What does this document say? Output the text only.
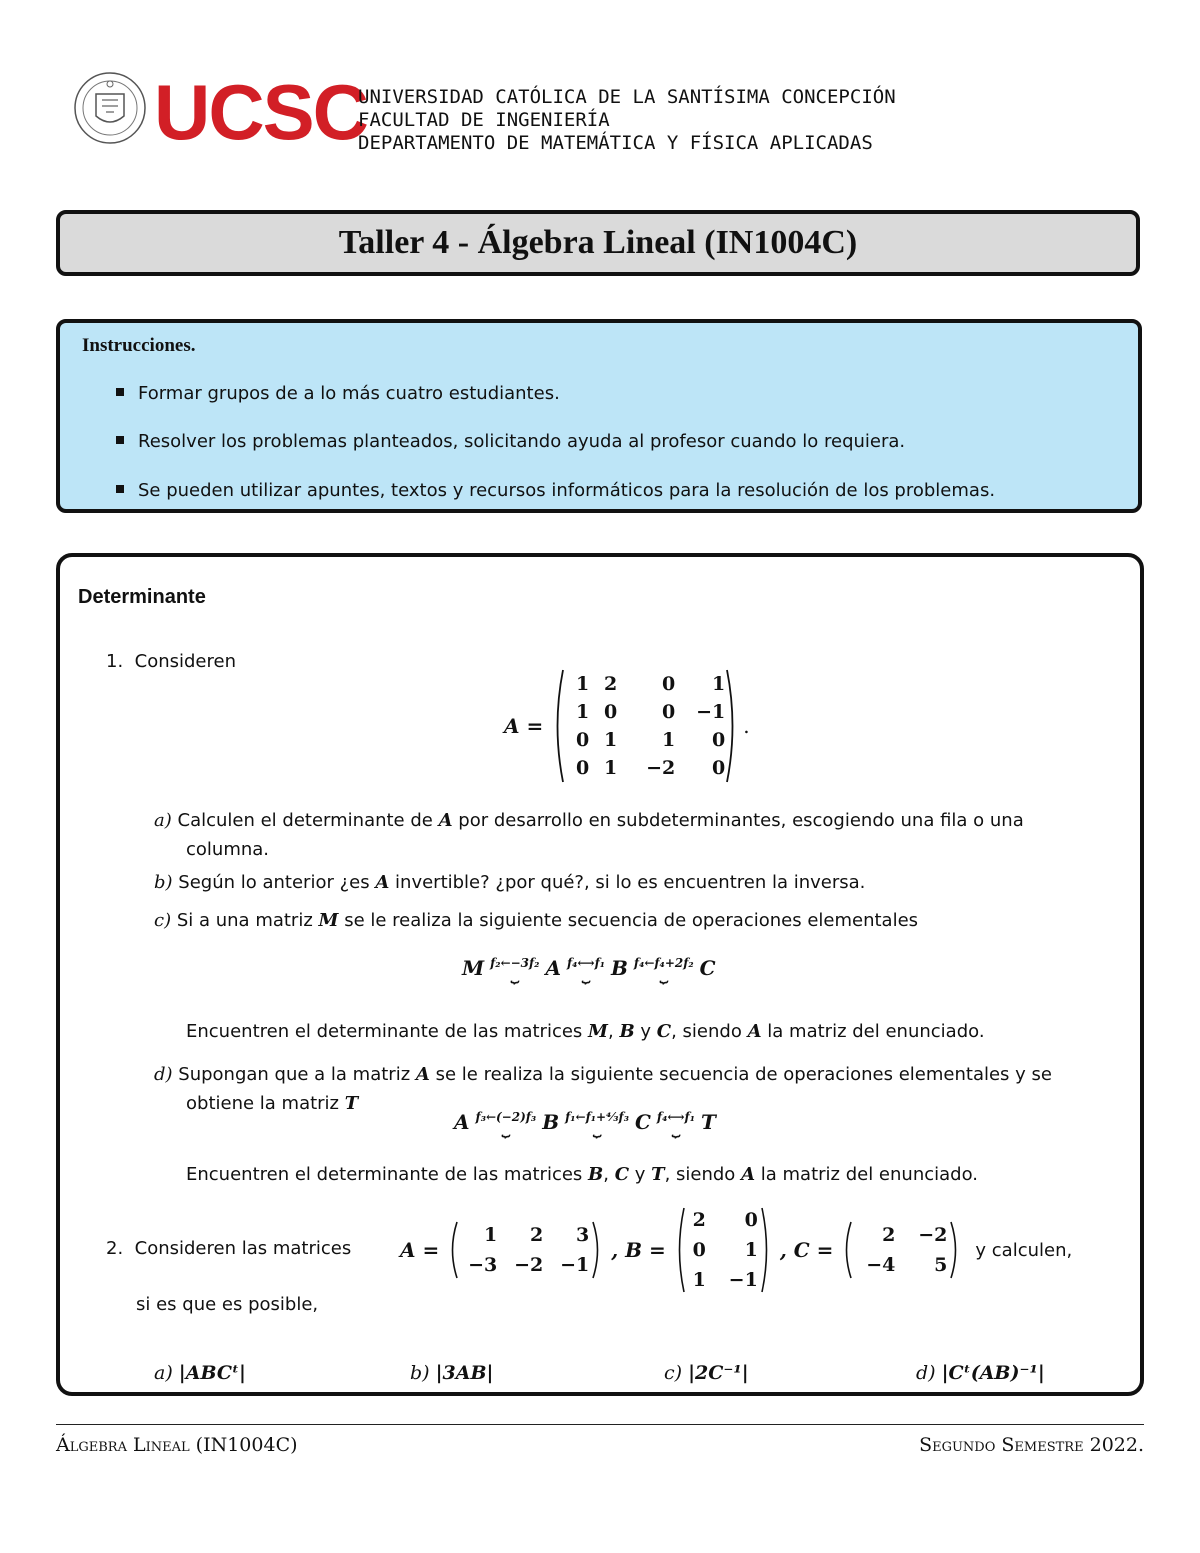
UCSC
UNIVERSIDAD CATÓLICA DE LA SANTÍSIMA CONCEPCIÓN
FACULTAD DE INGENIERÍA
DEPARTAMENTO DE MATEMÁTICA Y FÍSICA APLICADAS
Taller 4 - Álgebra Lineal (IN1004C)
Instrucciones.
Formar grupos de a lo más cuatro estudiantes.
Resolver los problemas planteados, solicitando ayuda al profesor cuando lo requiera.
Se pueden utilizar apuntes, textos y recursos informáticos para la resolución de los problemas.
Determinante
1. Consideren
A =
1	2	0	1
1	0	0	−1
0	1	1	0
0	1	−2	0
.
a) Calculen el determinante de A por desarrollo en subdeterminantes, escogiendo una fila o una
columna.
b) Según lo anterior ¿es A invertible? ¿por qué?, si lo es encuentren la inversa.
c) Si a una matriz M se le realiza la siguiente secuencia de operaciones elementales
M f₂←−3f₂
⏟	A f₄⟷f₁
⏟	B f₄←f₄+2f₂
⏟	C
Encuentren el determinante de las matrices M, B y C, siendo A la matriz del enunciado.
d) Supongan que a la matriz A se le realiza la siguiente secuencia de operaciones elementales y se
obtiene la matriz T
A f₃←(−2)f₃
⏟	B f₁←f₁+⁴⁄₃f₃
⏟	C f₄⟷f₁
⏟	T
Encuentren el determinante de las matrices B, C y T, siendo A la matriz del enunciado.
2. Consideren las matrices A =
1	2	3
−3	−2	−1
, B =
2	0
0	1
1	−1
, C =
2	−2
−4	5
y calculen,
si es que es posible,
a) |ABCᵗ|	b) |3AB|	c) |2C⁻¹|	d) |Cᵗ(AB)⁻¹|
Álgebra Lineal (IN1004C)	Segundo Semestre 2022.
